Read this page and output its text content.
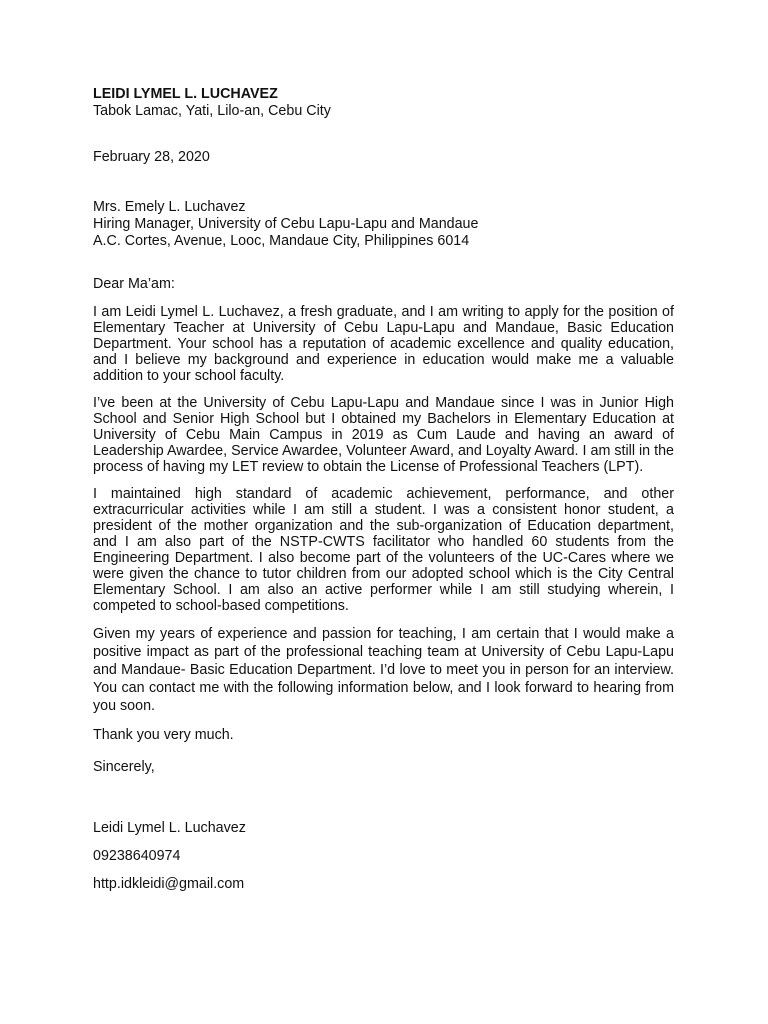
LEIDI LYMEL L. LUCHAVEZ

Tabok Lamac, Yati, Lilo-an, Cebu City

February 28, 2020

Mrs. Emely L. Luchavez

Hiring Manager, University of Cebu Lapu-Lapu and Mandaue

A.C. Cortes, Avenue, Looc, Mandaue City, Philippines 6014

Dear Ma’am:

I am Leidi Lymel L. Luchavez, a fresh graduate, and I am writing to apply for the position of Elementary Teacher at University of Cebu Lapu-Lapu and Mandaue, Basic Education Department. Your school has a reputation of academic excellence and quality education, and I believe my background and experience in education would make me a valuable addition to your school faculty.

I’ve been at the University of Cebu Lapu-Lapu and Mandaue since I was in Junior High School and Senior High School but I obtained my Bachelors in Elementary Education at University of Cebu Main Campus in 2019 as Cum Laude and having an award of Leadership Awardee, Service Awardee, Volunteer Award, and Loyalty Award. I am still in the process of having my LET review to obtain the License of Professional Teachers (LPT).

I maintained high standard of academic achievement, performance, and other extracurricular activities while I am still a student. I was a consistent honor student, a president of the mother organization and the sub-organization of Education department, and I am also part of the NSTP-CWTS facilitator who handled 60 students from the Engineering Department. I also become part of the volunteers of the UC-Cares where we were given the chance to tutor children from our adopted school which is the City Central Elementary School. I am also an active performer while I am still studying wherein, I competed to school-based competitions.

Given my years of experience and passion for teaching, I am certain that I would make a positive impact as part of the professional teaching team at University of Cebu Lapu-Lapu and Mandaue- Basic Education Department. I’d love to meet you in person for an interview. You can contact me with the following information below, and I look forward to hearing from you soon.

Thank you very much.

Sincerely,

Leidi Lymel L. Luchavez

09238640974

http.idkleidi@gmail.com
